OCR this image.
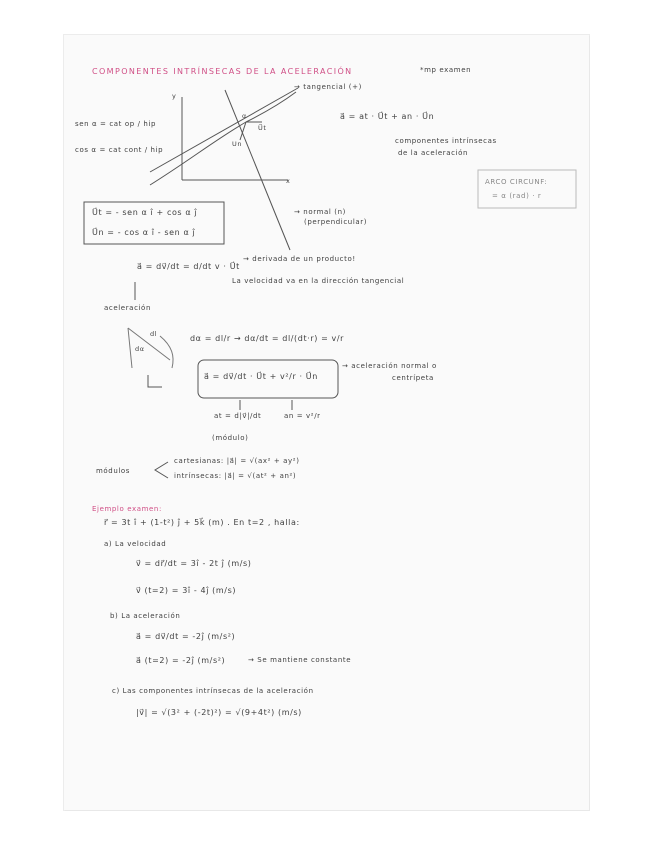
COMPONENTES INTRÍNSECAS DE LA ACELERACIÓN	*mp examen
sen α = cat op / hip
cos α = cat cont / hip
y
x
→ tangencial (+)
U⃗t
Un
α
→ normal (n)
(perpendicular)
a⃗ = at · U⃗t + an · U⃗n
componentes intrínsecas
de la aceleración
ARCO CIRCUNF:
= α (rad) · r
U⃗t = - sen α î + cos α ĵ
U⃗n = - cos α î - sen α ĵ
a⃗ = dv⃗/dt = d/dt v · U⃗t
→ derivada de un producto!
La velocidad va en la dirección tangencial
aceleración
dl
dα
dα = dl/r → dα/dt = dl/(dt·r) = v/r
a⃗ = dv⃗/dt · U⃗t + v²/r · U⃗n
→ aceleración normal o
centrípeta
at = d|v⃗|/dt	an = v²/r
(módulo)
módulos
cartesianas: |a⃗| = √(ax² + ay²)
intrínsecas: |a⃗| = √(at² + an²)
Ejemplo examen:
r⃗ = 3t î + (1-t²) ĵ + 5k⃗ (m) . En t=2 , halla:
a) La velocidad
v⃗ = dr⃗/dt = 3î - 2t ĵ (m/s)
v⃗ (t=2) = 3î - 4ĵ (m/s)
b) La aceleración
a⃗ = dv⃗/dt = -2ĵ (m/s²)
a⃗ (t=2) = -2ĵ (m/s²)	→ Se mantiene constante
c) Las componentes intrínsecas de la aceleración
|v⃗| = √(3² + (-2t)²) = √(9+4t²) (m/s)
